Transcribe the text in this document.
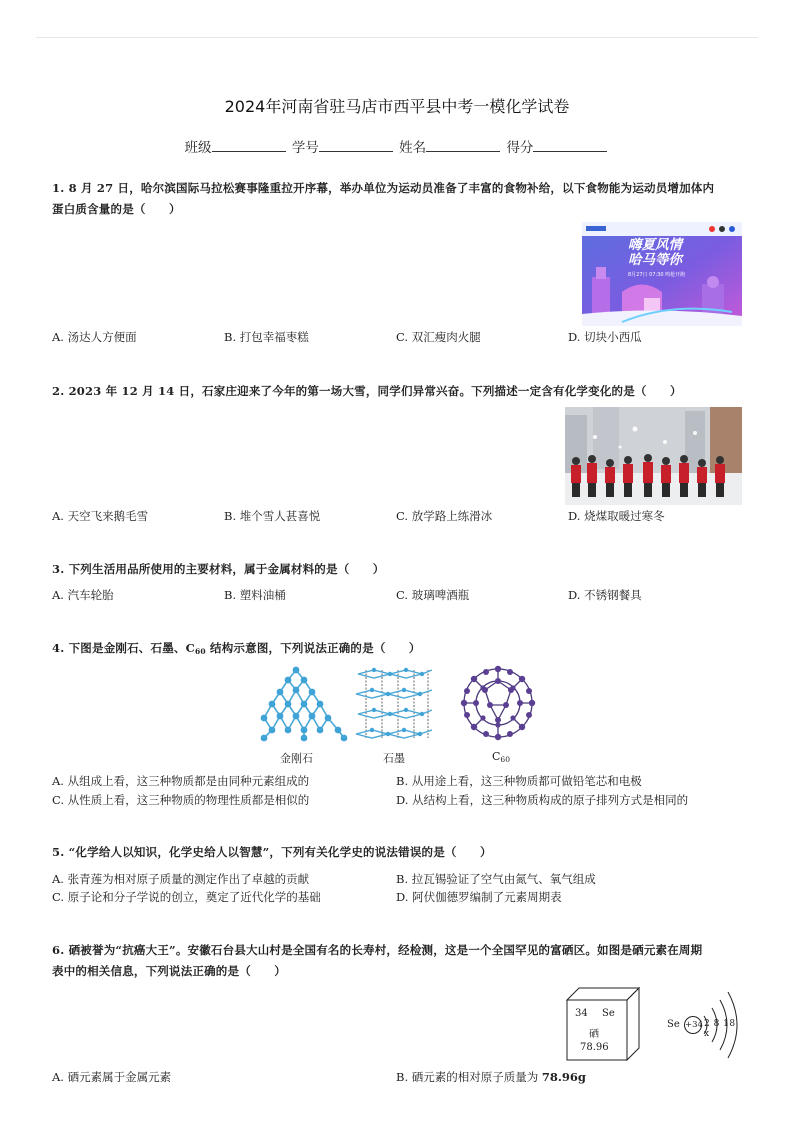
2024年河南省驻马店市西平县中考一模化学试卷
班级	学号	姓名	得分
1. 8 月 27 日，哈尔滨国际马拉松赛事隆重拉开序幕，举办单位为运动员准备了丰富的食物补给，以下食物能为运动员增加体内
蛋白质含量的是（　　）
嗨夏风情
哈马等你
8月27日 07:30 鸣枪开跑
A. 汤达人方便面	B. 打包幸福枣糕	C. 双汇瘦肉火腿	D. 切块小西瓜
2. 2023 年 12 月 14 日，石家庄迎来了今年的第一场大雪，同学们异常兴奋。下列描述一定含有化学变化的是（　　）
A. 天空飞来鹅毛雪	B. 堆个雪人甚喜悦	C. 放学路上练滑冰	D. 烧煤取暖过寒冬
3. 下列生活用品所使用的主要材料，属于金属材料的是（　　）
A. 汽车轮胎	B. 塑料油桶	C. 玻璃啤酒瓶	D. 不锈钢餐具
4. 下图是金刚石、石墨、$C_{60}$ 结构示意图，下列说法正确的是（　　）
金刚石	石墨	$C_{60}$
A. 从组成上看，这三种物质都是由同种元素组成的	B. 从用途上看，这三种物质都可做铅笔芯和电极
C. 从性质上看，这三种物质的物理性质都是相似的	D. 从结构上看，这三种物质构成的原子排列方式是相同的
5. “化学给人以知识，化学史给人以智慧”，下列有关化学史的说法错误的是（　　）
A. 张青莲为相对原子质量的测定作出了卓越的贡献	B. 拉瓦锡验证了空气由氮气、氧气组成
C. 原子论和分子学说的创立，奠定了近代化学的基础	D. 阿伏伽德罗编制了元素周期表
6. 硒被誉为“抗癌大王”。安徽石台县大山村是全国有名的长寿村，经检测，这是一个全国罕见的富硒区。如图是硒元素在周期
表中的相关信息，下列说法正确的是（　　）
34 Se
硒
78.96
Se +34 2 8 18 x
A. 硒元素属于金属元素	B. 硒元素的相对原子质量为 78.96g
